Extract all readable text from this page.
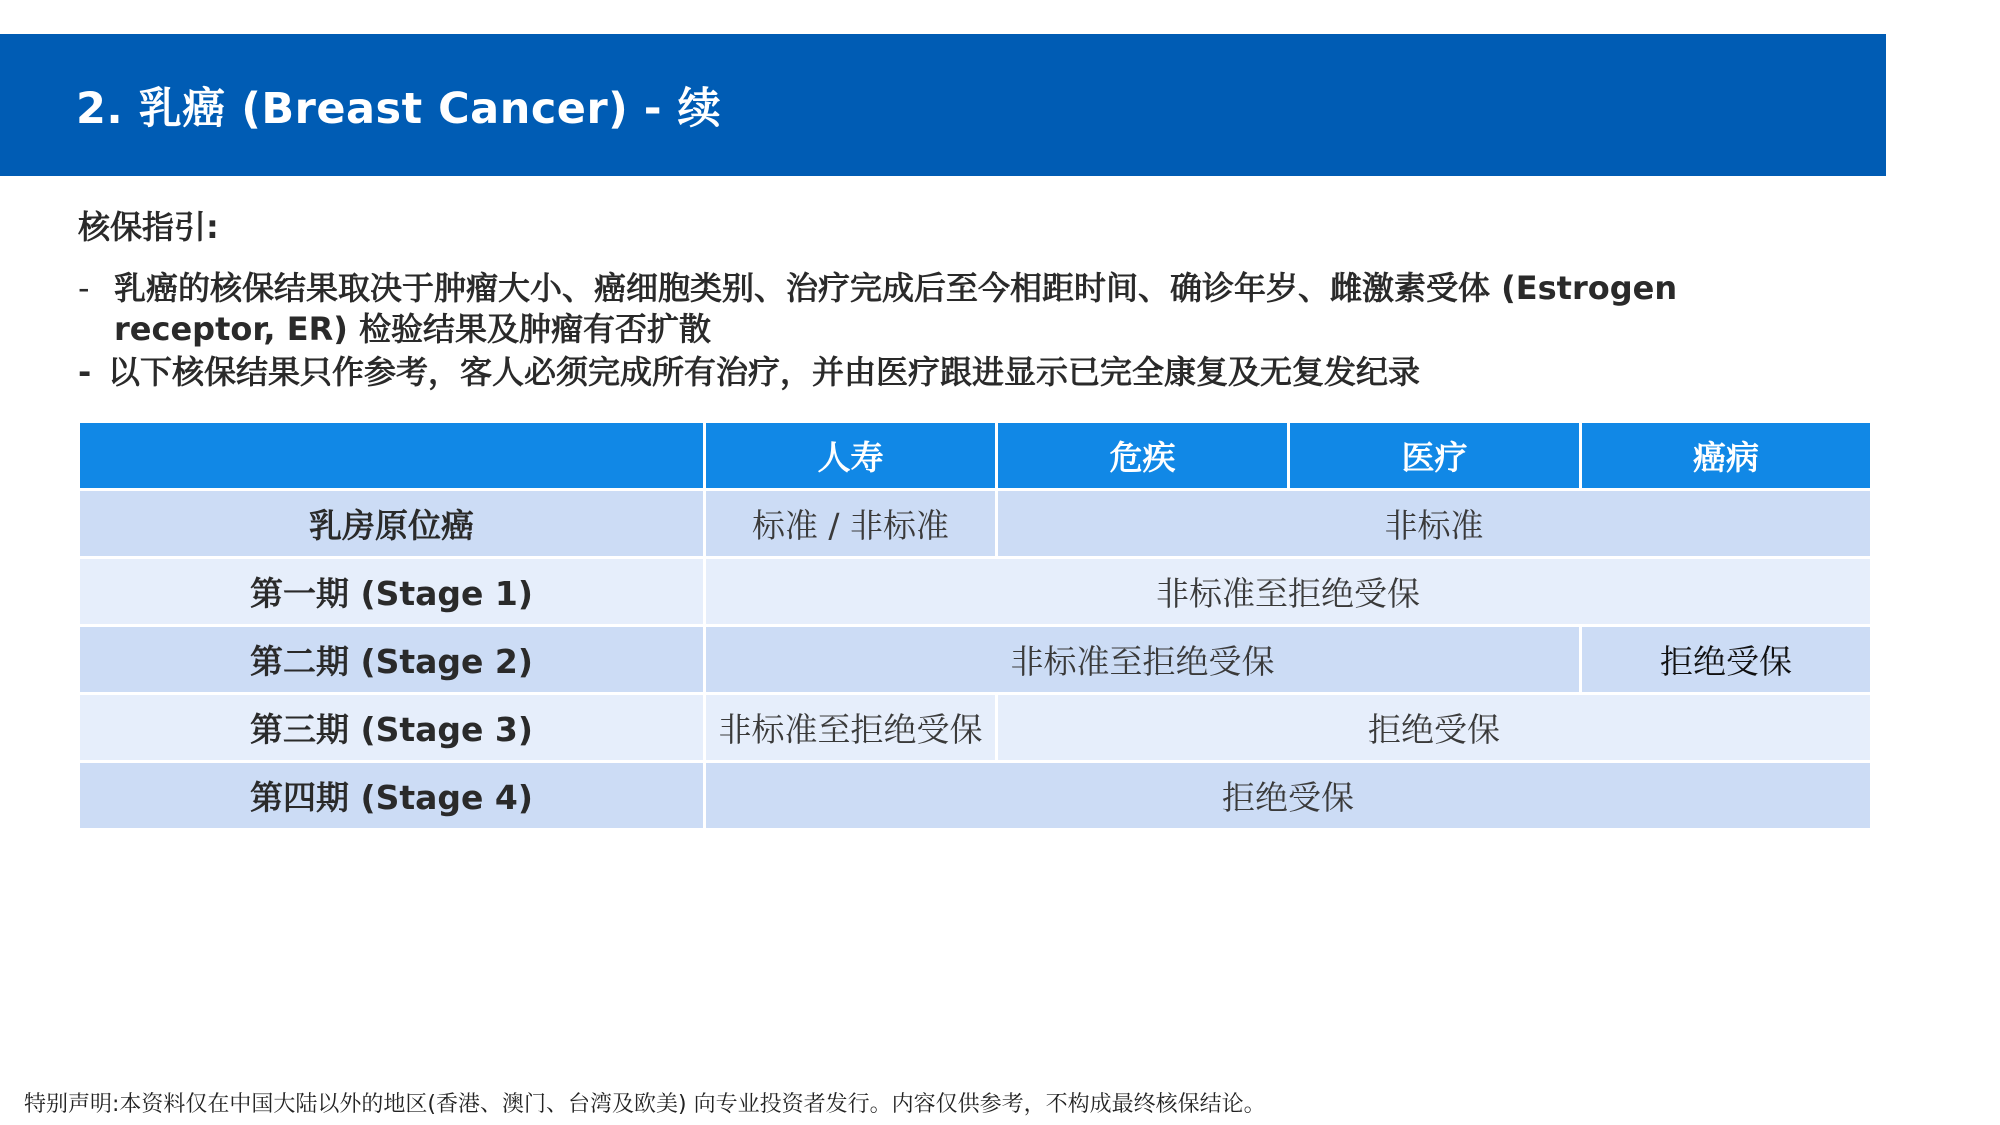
2. 乳癌 (Breast Cancer) - 续
核保指引:
- 乳癌的核保结果取决于肿瘤大小、癌细胞类别、治疗完成后至今相距时间、确诊年岁、雌激素受体 (Estrogen receptor, ER) 检验结果及肿瘤有否扩散
- 以下核保结果只作参考，客人必须完成所有治疗，并由医疗跟进显示已完全康复及无复发纪录
	人寿	危疾	医疗	癌病
乳房原位癌	标准 / 非标准	非标准		
第一期 (Stage 1)	非标准至拒绝受保			
第二期 (Stage 2)	非标准至拒绝受保			拒绝受保
第三期 (Stage 3)	非标准至拒绝受保	拒绝受保		
第四期 (Stage 4)	拒绝受保			
特别声明:本资料仅在中国大陆以外的地区(香港、澳门、台湾及欧美) 向专业投资者发行。内容仅供参考，不构成最终核保结论。
